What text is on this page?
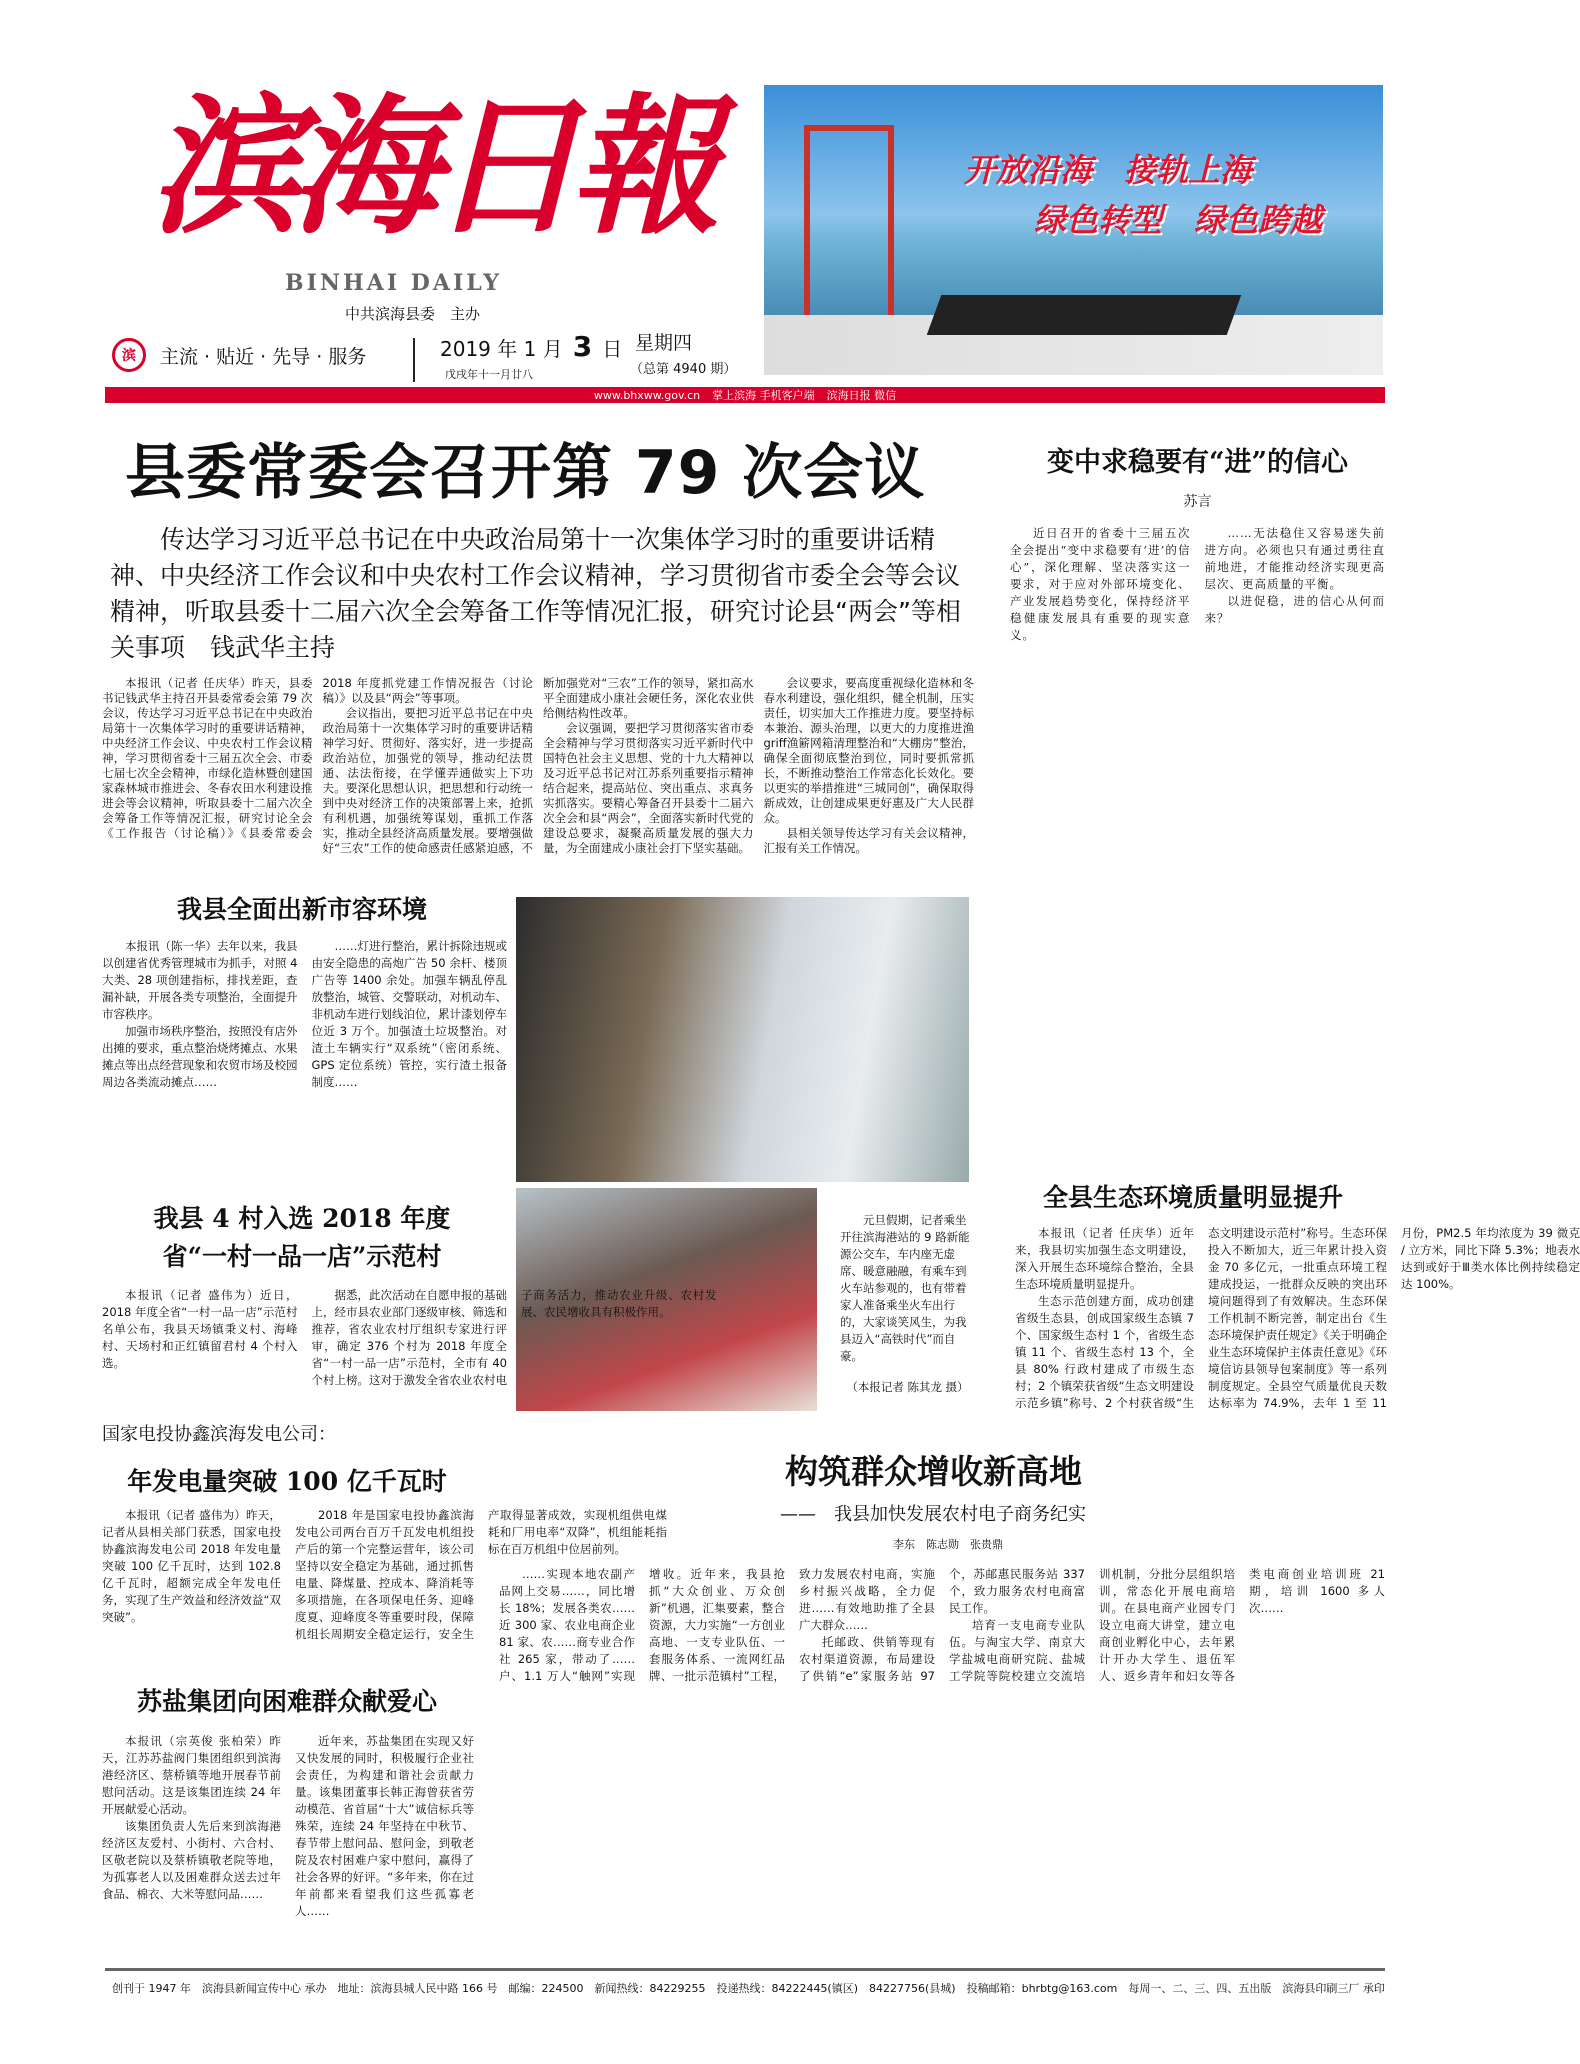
滨海日報
BINHAI DAILY
中共滨海县委　主办
滨	主流 · 贴近 · 先导 · 服务	2019 年 1 月 3 日
戊戌年十一月廿八
星期四
（总第 4940 期）
www.bhxww.gov.cn 掌上滨海 手机客户端 滨海日报 微信
开放沿海　接轨上海
绿色转型　绿色跨越
县委常委会召开第 79 次会议
传达学习习近平总书记在中央政治局第十一次集体学习时的重要讲话精神、中央经济工作会议和中央农村工作会议精神，学习贯彻省市委全会等会议精神，听取县委十二届六次全会筹备工作等情况汇报，研究讨论县“两会”等相关事项　钱武华主持

本报讯（记者 任庆华）昨天，县委书记钱武华主持召开县委常委会第 79 次会议，传达学习习近平总书记在中央政治局第十一次集体学习时的重要讲话精神，中央经济工作会议、中央农村工作会议精神，学习贯彻省委十三届五次全会、市委七届七次全会精神，市绿化造林暨创建国家森林城市推进会、冬春农田水利建设推进会等会议精神，听取县委十二届六次全会筹备工作等情况汇报，研究讨论全会《工作报告（讨论稿）》《县委常委会 2018 年度抓党建工作情况报告（讨论稿）》以及县“两会”等事项。

会议指出，要把习近平总书记在中央政治局第十一次集体学习时的重要讲话精神学习好、贯彻好、落实好，进一步提高政治站位，加强党的领导，推动纪法贯通、法法衔接，在学懂弄通做实上下功夫。要深化思想认识，把思想和行动统一到中央对经济工作的决策部署上来，抢抓有利机遇，加强统筹谋划，重抓工作落实，推动全县经济高质量发展。要增强做好“三农”工作的使命感责任感紧迫感，不断加强党对“三农”工作的领导，紧扣高水平全面建成小康社会硬任务，深化农业供给侧结构性改革。

会议强调，要把学习贯彻落实省市委全会精神与学习贯彻落实习近平新时代中国特色社会主义思想、党的十九大精神以及习近平总书记对江苏系列重要指示精神结合起来，提高站位、突出重点、求真务实抓落实。要精心筹备召开县委十二届六次全会和县“两会”，全面落实新时代党的建设总要求，凝聚高质量发展的强大力量，为全面建成小康社会打下坚实基础。

会议要求，要高度重视绿化造林和冬春水利建设，强化组织，健全机制，压实责任，切实加大工作推进力度。要坚持标本兼治、源头治理，以更大的力度推进渔griff渔簖网箱清理整治和“大棚房”整治，确保全面彻底整治到位，同时要抓常抓长，不断推动整治工作常态化长效化。要以更实的举措推进“三城同创”，确保取得新成效，让创建成果更好惠及广大人民群众。

县相关领导传达学习有关会议精神，汇报有关工作情况。

变中求稳要有“进”的信心
苏言

近日召开的省委十三届五次全会提出“变中求稳要有‘进’的信心”，深化理解、坚决落实这一要求，对于应对外部环境变化、产业发展趋势变化，保持经济平稳健康发展具有重要的现实意义。

……无法稳住又容易迷失前进方向。必须也只有通过勇往直前地进，才能推动经济实现更高层次、更高质量的平衡。

以进促稳，进的信心从何而来？

我县全面出新市容环境

本报讯（陈一华）去年以来，我县以创建省优秀管理城市为抓手，对照 4 大类、28 项创建指标，排找差距，查漏补缺，开展各类专项整治，全面提升市容秩序。

加强市场秩序整治，按照没有店外出摊的要求，重点整治烧烤摊点、水果摊点等出点经营现象和农贸市场及校园周边各类流动摊点……

……灯进行整治，累计拆除违规或由安全隐患的高炮广告 50 余杆、楼顶广告等 1400 余处。加强车辆乱停乱放整治，城管、交警联动，对机动车、非机动车进行划线泊位，累计漆划停车位近 3 万个。加强渣土垃圾整治。对渣土车辆实行“双系统”（密闭系统、GPS 定位系统）管控，实行渣土报备制度……

元旦假期，记者乘坐开往滨海港站的 9 路新能源公交车，车内座无虚席、暖意融融，有乘车到火车站参观的，也有带着家人准备乘坐火车出行的，大家谈笑风生，为我县迈入“高铁时代”而自豪。

（本报记者 陈其龙 摄）

我县 4 村入选 2018 年度
省“一村一品一店”示范村

本报讯（记者 盛伟为）近日，2018 年度全省“一村一品一店”示范村名单公布，我县天场镇秉义村、海峰村、天场村和正红镇留君村 4 个村入选。

据悉，此次活动在自愿申报的基础上，经市县农业部门逐级审核、筛选和推荐，省农业农村厅组织专家进行评审，确定 376 个村为 2018 年度全省“一村一品一店”示范村，全市有 40 个村上榜。这对于激发全省农业农村电子商务活力，推动农业升级、农村发展、农民增收具有积极作用。

全县生态环境质量明显提升

本报讯（记者 任庆华）近年来，我县切实加强生态文明建设，深入开展生态环境综合整治，全县生态环境质量明显提升。

生态示范创建方面，成功创建省级生态县，创成国家级生态镇 7 个、国家级生态村 1 个，省级生态镇 11 个、省级生态村 13 个，全县 80% 行政村建成了市级生态村；2 个镇荣获省级“生态文明建设示范乡镇”称号、2 个村获省级“生态文明建设示范村”称号。生态环保投入不断加大，近三年累计投入资金 70 多亿元，一批重点环境工程建成投运，一批群众反映的突出环境问题得到了有效解决。生态环保工作机制不断完善，制定出台《生态环境保护责任规定》《关于明确企业生态环境保护主体责任意见》《环境信访县领导包案制度》等一系列制度规定。全县空气质量优良天数达标率为 74.9%，去年 1 至 11 月份，PM2.5 年均浓度为 39 微克 / 立方米，同比下降 5.3%；地表水达到或好于Ⅲ类水体比例持续稳定达 100%。

国家电投协鑫滨海发电公司：
年发电量突破 100 亿千瓦时

本报讯（记者 盛伟为）昨天，记者从县相关部门获悉，国家电投协鑫滨海发电公司 2018 年发电量突破 100 亿千瓦时，达到 102.8 亿千瓦时，超额完成全年发电任务，实现了生产效益和经济效益“双突破”。

2018 年是国家电投协鑫滨海发电公司两台百万千瓦发电机组投产后的第一个完整运营年，该公司坚持以安全稳定为基础，通过抓售电量、降煤量、控成本、降消耗等多项措施，在各项保电任务、迎峰度夏、迎峰度冬等重要时段，保障机组长周期安全稳定运行，安全生产取得显著成效，实现机组供电煤耗和厂用电率“双降”，机组能耗指标在百万机组中位居前列。

苏盐集团向困难群众献爱心

本报讯（宗英俊 张柏荣）昨天，江苏苏盐阀门集团组织到滨海港经济区、蔡桥镇等地开展春节前慰问活动。这是该集团连续 24 年开展献爱心活动。

该集团负责人先后来到滨海港经济区友爱村、小街村、六合村、区敬老院以及蔡桥镇敬老院等地，为孤寡老人以及困难群众送去过年食品、棉衣、大米等慰问品……

近年来，苏盐集团在实现又好又快发展的同时，积极履行企业社会责任，为构建和谐社会贡献力量。该集团董事长韩正海曾获省劳动模范、省首届“十大”诚信标兵等殊荣，连续 24 年坚持在中秋节、春节带上慰问品、慰问金，到敬老院及农村困难户家中慰问，赢得了社会各界的好评。“多年来，你在过年前都来看望我们这些孤寡老人……

构筑群众增收新高地
——　我县加快发展农村电子商务纪实
李东　陈志勋　张贵鼎

……实现本地农副产品网上交易……，同比增长 18%；发展各类农……近 300 家、农业电商企业 81 家、农……商专业合作社 265 家，带动了……户、1.1 万人“触网”实现增收。近年来，我县抢抓“大众创业、万众创新”机遇，汇集要素，整合资源，大力实施“一方创业高地、一支专业队伍、一套服务体系、一流网红品牌、一批示范镇村”工程，致力发展农村电商，实施乡村振兴战略，全力促进……有效地助推了全县广大群众……

托邮政、供销等现有农村渠道资源，布局建设了供销“e”家服务站 97 个，苏邮惠民服务站 337 个，致力服务农村电商富民工作。

培育一支电商专业队伍。与淘宝大学、南京大学盐城电商研究院、盐城工学院等院校建立交流培训机制，分批分层组织培训，常态化开展电商培训。在县电商产业园专门设立电商大讲堂，建立电商创业孵化中心，去年累计开办大学生、退伍军人、返乡青年和妇女等各类电商创业培训班 21 期，培训 1600 多人次……

创刊于 1947 年　滨海县新闻宣传中心 承办　地址：滨海县城人民中路 166 号　邮编：224500　新闻热线：84229255　投递热线：84222445(镇区)　84227756(县城)　投稿邮箱：bhrbtg@163.com　每周一、二、三、四、五出版　滨海县印刷三厂 承印
